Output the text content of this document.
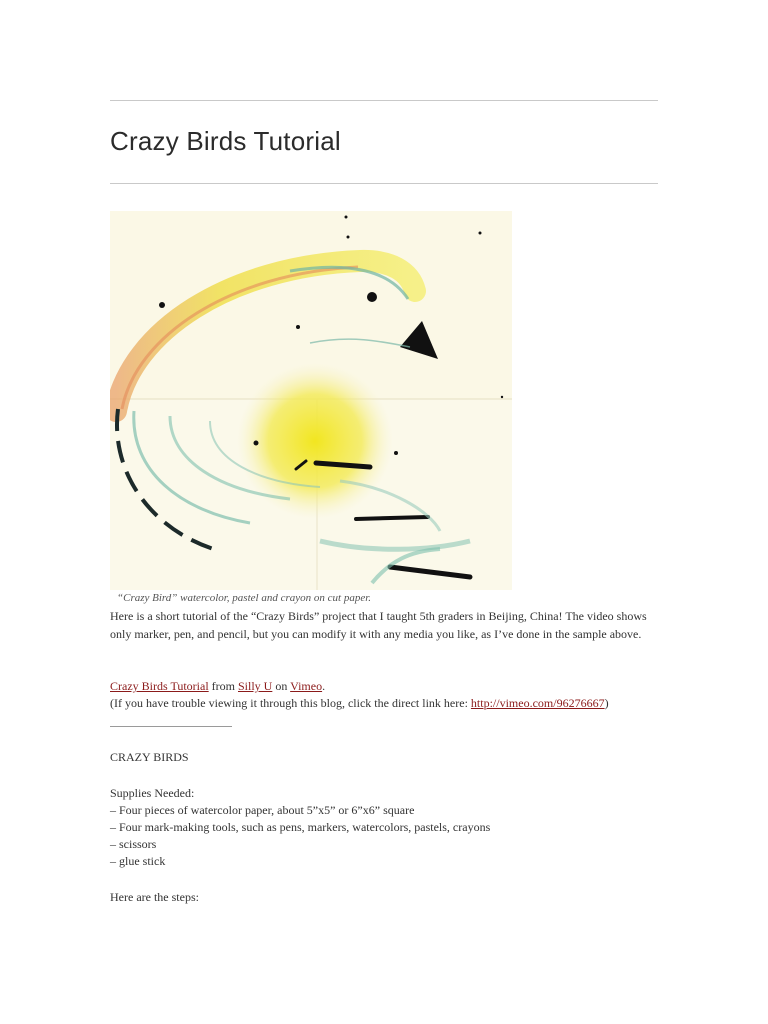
Crazy Birds Tutorial
“Crazy Bird” watercolor, pastel and crayon on cut paper.

Here is a short tutorial of the “Crazy Birds” project that I taught 5th graders in Beijing, China! The video shows only marker, pen, and pencil, but you can modify it with any media you like, as I’ve done in the sample above.

Crazy Birds Tutorial from Silly U on Vimeo.
(If you have trouble viewing it through this blog, click the direct link here: http://vimeo.com/96276667)
CRAZY BIRDS
Supplies Needed:
– Four pieces of watercolor paper, about 5”x5” or 6”x6” square
– Four mark-making tools, such as pens, markers, watercolors, pastels, crayons
– scissors
– glue stick
Here are the steps:
